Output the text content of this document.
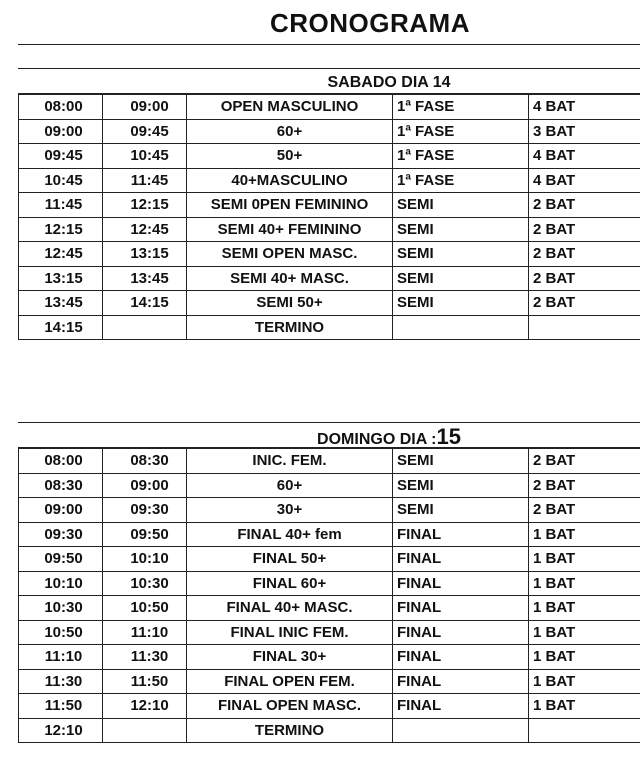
CRONOGRAMA
SABADO DIA 14
08:00	09:00	OPEN MASCULINO	1ª FASE	4 BAT
09:00	09:45	60+	1ª FASE	3 BAT
09:45	10:45	50+	1ª FASE	4 BAT
10:45	11:45	40+MASCULINO	1ª FASE	4 BAT
11:45	12:15	SEMI 0PEN FEMININO	SEMI	2 BAT
12:15	12:45	SEMI 40+ FEMININO	SEMI	2 BAT
12:45	13:15	SEMI OPEN MASC.	SEMI	2 BAT
13:15	13:45	SEMI 40+ MASC.	SEMI	2 BAT
13:45	14:15	SEMI 50+	SEMI	2 BAT
14:15		TERMINO		
DOMINGO DIA :15
08:00	08:30	INIC. FEM.	SEMI	2 BAT
08:30	09:00	60+	SEMI	2 BAT
09:00	09:30	30+	SEMI	2 BAT
09:30	09:50	FINAL 40+ fem	FINAL	1 BAT
09:50	10:10	FINAL 50+	FINAL	1 BAT
10:10	10:30	FINAL 60+	FINAL	1 BAT
10:30	10:50	FINAL 40+ MASC.	FINAL	1 BAT
10:50	11:10	FINAL INIC FEM.	FINAL	1 BAT
11:10	11:30	FINAL 30+	FINAL	1 BAT
11:30	11:50	FINAL OPEN FEM.	FINAL	1 BAT
11:50	12:10	FINAL OPEN MASC.	FINAL	1 BAT
12:10		TERMINO		
